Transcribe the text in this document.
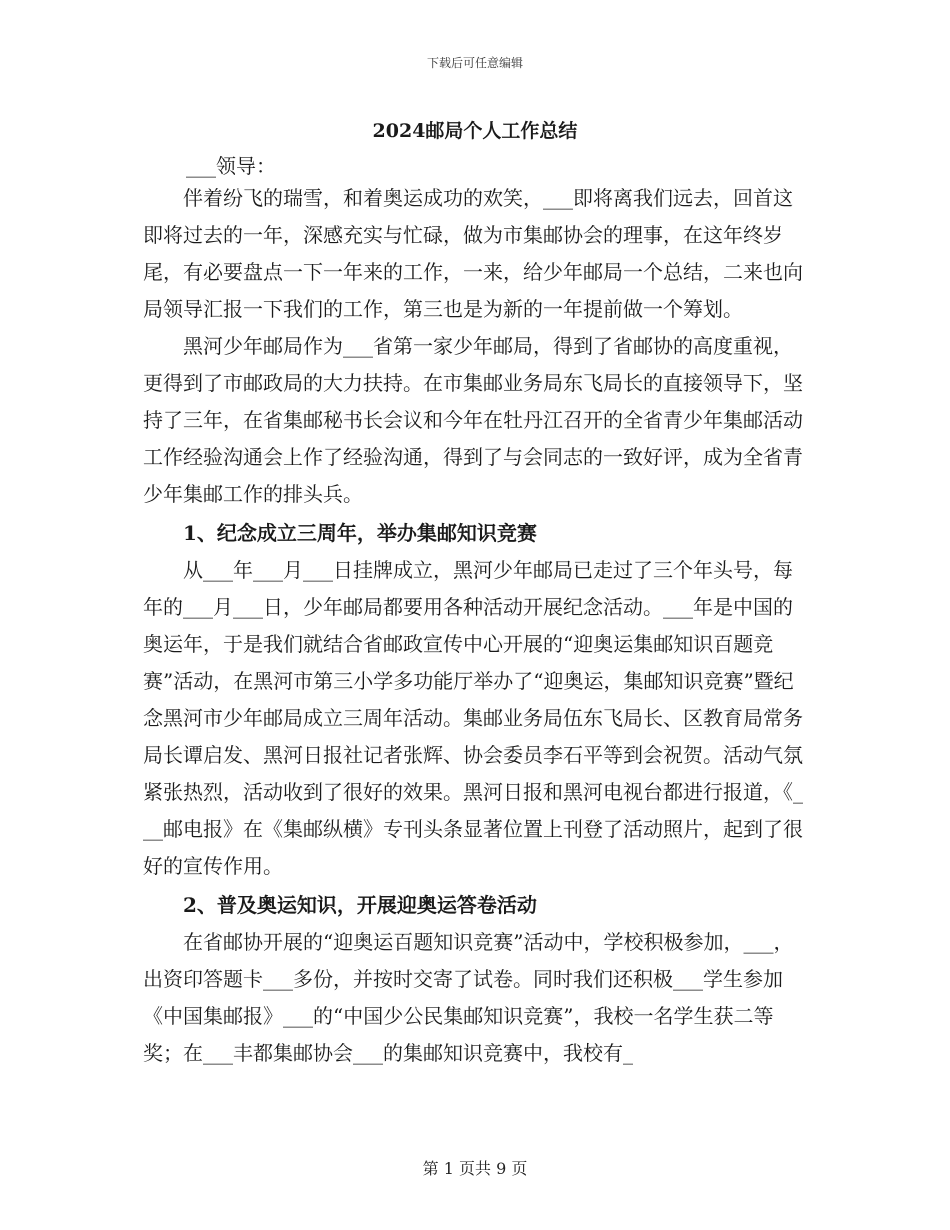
下载后可任意编辑
2024邮局个人工作总结
___领导：

伴着纷飞的瑞雪，和着奥运成功的欢笑，___即将离我们远去，回首这即将过去的一年，深感充实与忙碌，做为市集邮协会的理事，在这年终岁尾，有必要盘点一下一年来的工作，一来，给少年邮局一个总结，二来也向局领导汇报一下我们的工作，第三也是为新的一年提前做一个筹划。

黑河少年邮局作为___省第一家少年邮局，得到了省邮协的高度重视，更得到了市邮政局的大力扶持。在市集邮业务局东飞局长的直接领导下，坚持了三年，在省集邮秘书长会议和今年在牡丹江召开的全省青少年集邮活动工作经验沟通会上作了经验沟通，得到了与会同志的一致好评，成为全省青少年集邮工作的排头兵。

1、纪念成立三周年，举办集邮知识竞赛

从___年___月___日挂牌成立，黑河少年邮局已走过了三个年头号，每年的___月___日，少年邮局都要用各种活动开展纪念活动。___年是中国的奥运年，于是我们就结合省邮政宣传中心开展的“迎奥运集邮知识百题竞赛”活动，在黑河市第三小学多功能厅举办了“迎奥运，集邮知识竞赛”暨纪念黑河市少年邮局成立三周年活动。集邮业务局伍东飞局长、区教育局常务局长谭启发、黑河日报社记者张辉、协会委员李石平等到会祝贺。活动气氛紧张热烈，活动收到了很好的效果。黑河日报和黑河电视台都进行报道，《___邮电报》在《集邮纵横》专刊头条显著位置上刊登了活动照片，起到了很好的宣传作用。

2、普及奥运知识，开展迎奥运答卷活动

在省邮协开展的“迎奥运百题知识竞赛”活动中，学校积极参加，___，出资印答题卡___多份，并按时交寄了试卷。同时我们还积极___学生参加《中国集邮报》___的“中国少公民集邮知识竞赛”，我校一名学生获二等奖；在___丰都集邮协会___的集邮知识竞赛中，我校有_

第 1 页共 9 页
